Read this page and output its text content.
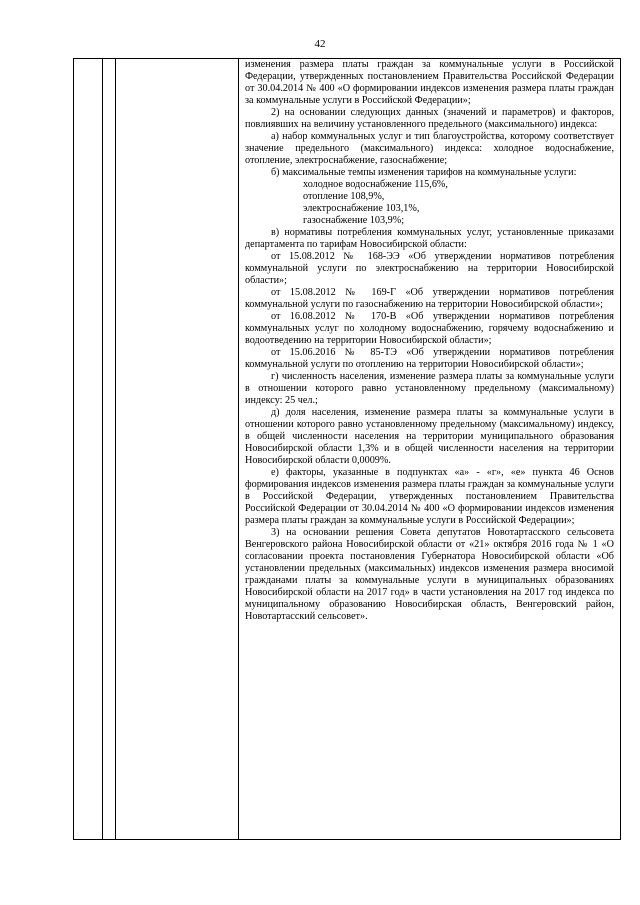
42

изменения размера платы граждан за коммунальные услуги в Российской Федерации, утвержденных постановлением Правительства Российской Федерации от 30.04.2014 № 400 «О формировании индексов изменения размера платы граждан за коммунальные услуги в Российской Федерации»;

2) на основании следующих данных (значений и параметров) и факторов, повлиявших на величину установленного предельного (максимального) индекса:

а) набор коммунальных услуг и тип благоустройства, которому соответствует значение предельного (максимального) индекса: холодное водоснабжение, отопление, электроснабжение, газоснабжение;

б) максимальные темпы изменения тарифов на коммунальные услуги:

холодное водоснабжение 115,6%,

отопление 108,9%,

электроснабжение 103,1%,

газоснабжение 103,9%;

в) нормативы потребления коммунальных услуг, установленные приказами департамента по тарифам Новосибирской области:

от 15.08.2012 № 168-ЭЭ «Об утверждении нормативов потребления коммунальной услуги по электроснабжению на территории Новосибирской области»;

от 15.08.2012 № 169-Г «Об утверждении нормативов потребления коммунальной услуги по газоснабжению на территории Новосибирской области»;

от 16.08.2012 № 170-В «Об утверждении нормативов потребления коммунальных услуг по холодному водоснабжению, горячему водоснабжению и водоотведению на территории Новосибирской области»;

от 15.06.2016 № 85-ТЭ «Об утверждении нормативов потребления коммунальной услуги по отоплению на территории Новосибирской области»;

г) численность населения, изменение размера платы за коммунальные услуги в отношении которого равно установленному предельному (максимальному) индексу: 25 чел.;

д) доля населения, изменение размера платы за коммунальные услуги в отношении которого равно установленному предельному (максимальному) индексу, в общей численности населения на территории муниципального образования Новосибирской области 1,3% и в общей численности населения на территории Новосибирской области 0,0009%.

е) факторы, указанные в подпунктах «а» - «г», «е» пункта 46 Основ формирования индексов изменения размера платы граждан за коммунальные услуги в Российской Федерации, утвержденных постановлением Правительства Российской Федерации от 30.04.2014 № 400 «О формировании индексов изменения размера платы граждан за коммунальные услуги в Российской Федерации»;

3) на основании решения Совета депутатов Новотартасского сельсовета Венгеровского района Новосибирской области от «21» октября 2016 года № 1 «О согласовании проекта постановления Губернатора Новосибирской области «Об установлении предельных (максимальных) индексов изменения размера вносимой гражданами платы за коммунальные услуги в муниципальных образованиях Новосибирской области на 2017 год» в части установления на 2017 год индекса по муниципальному образованию Новосибирская область, Венгеровский район, Новотартасский сельсовет».
